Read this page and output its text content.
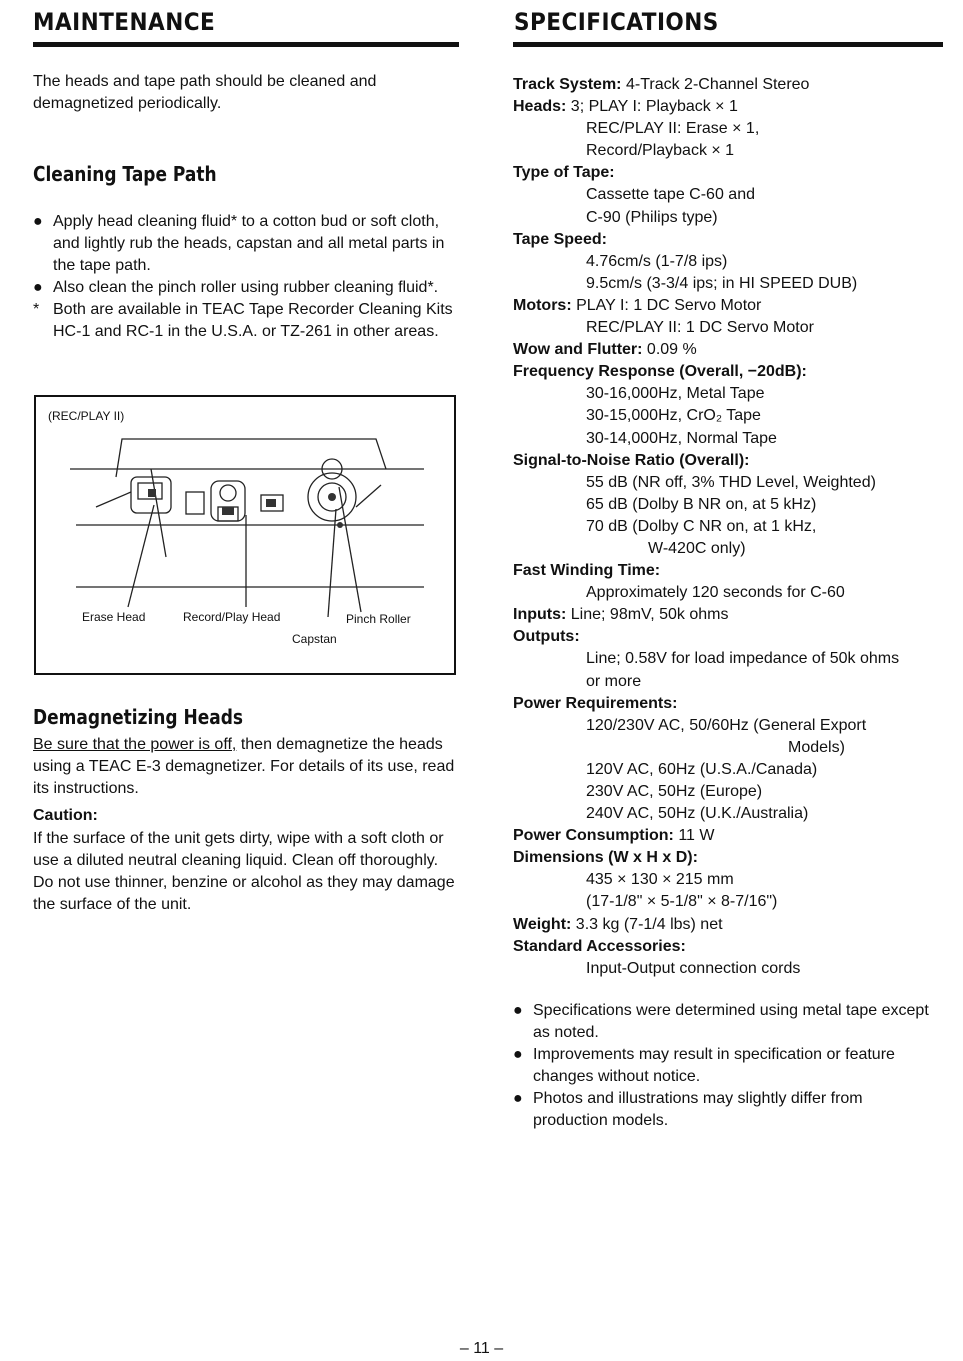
MAINTENANCE
The heads and tape path should be cleaned and demagnetized periodically.
Cleaning Tape Path
● Apply head cleaning fluid* to a cotton bud or soft cloth, and lightly rub the heads, capstan and all metal parts in the tape path.
● Also clean the pinch roller using rubber cleaning fluid*.
* Both are available in TEAC Tape Recorder Cleaning Kits HC-1 and RC-1 in the U.S.A. or TZ-261 in other areas.
(REC/PLAY II)
Erase Head	Record/Play Head	Pinch Roller
Capstan
Demagnetizing Heads
Be sure that the power is off, then demagnetize the heads using a TEAC E-3 demagnetizer. For details of its use, read its instructions.
Caution:
If the surface of the unit gets dirty, wipe with a soft cloth or use a diluted neutral cleaning liquid. Clean off thoroughly. Do not use thinner, benzine or alcohol as they may damage the surface of the unit.
SPECIFICATIONS
Track System: 4-Track 2-Channel Stereo
Heads: 3; PLAY I: Playback × 1
REC/PLAY II: Erase × 1,
Record/Playback × 1
Type of Tape:
Cassette tape C-60 and
C-90 (Philips type)
Tape Speed:
4.76cm/s (1-7/8 ips)
9.5cm/s (3-3/4 ips; in HI SPEED DUB)
Motors: PLAY I: 1 DC Servo Motor
REC/PLAY II: 1 DC Servo Motor
Wow and Flutter: 0.09 %
Frequency Response (Overall, −20dB):
30-16,000Hz, Metal Tape
30-15,000Hz, CrO₂ Tape
30-14,000Hz, Normal Tape
Signal-to-Noise Ratio (Overall):
55 dB (NR off, 3% THD Level, Weighted)
65 dB (Dolby B NR on, at 5 kHz)
70 dB (Dolby C NR on, at 1 kHz,
W-420C only)
Fast Winding Time:
Approximately 120 seconds for C-60
Inputs: Line; 98mV, 50k ohms
Outputs:
Line; 0.58V for load impedance of 50k ohms
or more
Power Requirements:
120/230V AC, 50/60Hz (General Export
Models)
120V AC, 60Hz (U.S.A./Canada)
230V AC, 50Hz (Europe)
240V AC, 50Hz (U.K./Australia)
Power Consumption: 11 W
Dimensions (W x H x D):
435 × 130 × 215 mm
(17-1/8" × 5-1/8" × 8-7/16")
Weight: 3.3 kg (7-1/4 lbs) net
Standard Accessories:
Input-Output connection cords
● Specifications were determined using metal tape except as noted.
● Improvements may result in specification or feature changes without notice.
● Photos and illustrations may slightly differ from production models.
– 11 –
